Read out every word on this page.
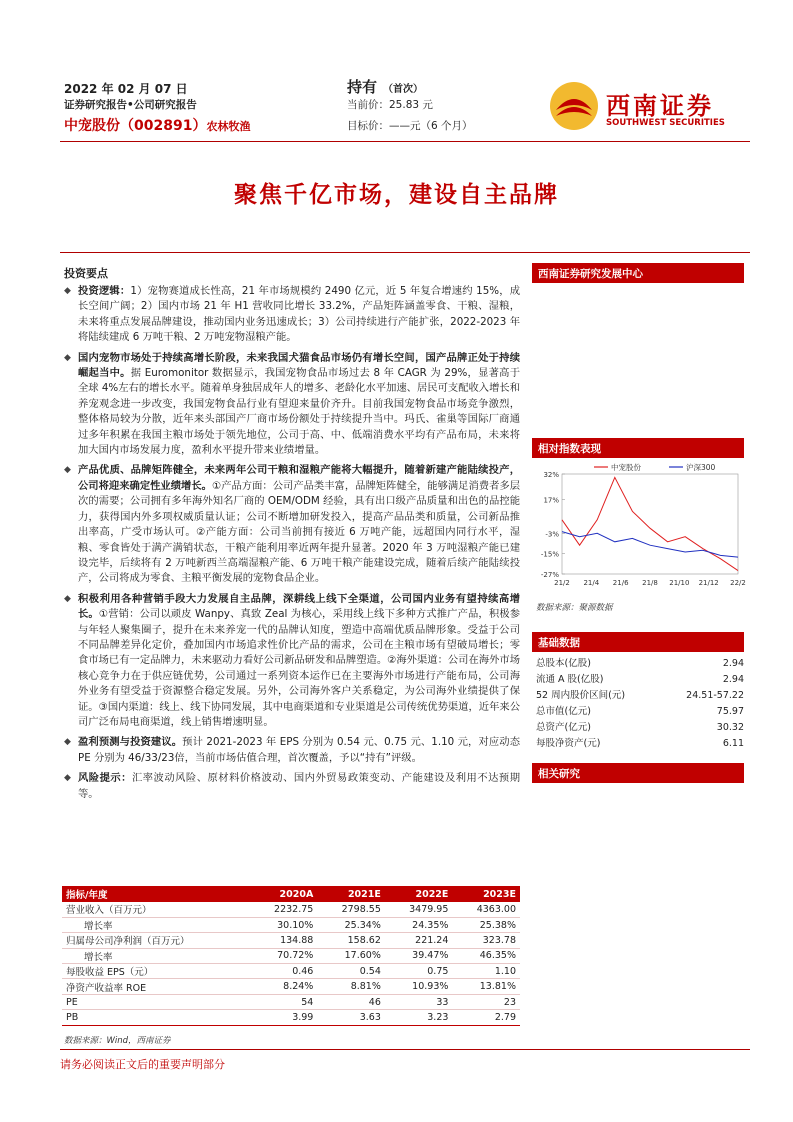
2022 年 02 月 07 日
证券研究报告•公司研究报告
中宠股份（002891）农林牧渔
持有 （首次）
当前价：25.83 元
目标价：——元（6 个月）
西南证券
SOUTHWEST SECURITIES
聚焦千亿市场，建设自主品牌
投资要点
◆ 投资逻辑：1）宠物赛道成长性高，21 年市场规模约 2490 亿元，近 5 年复合增速约 15%，成长空间广阔；2）国内市场 21 年 H1 营收同比增长 33.2%，产品矩阵涵盖零食、干粮、湿粮，未来将重点发展品牌建设，推动国内业务迅速成长；3）公司持续进行产能扩张，2022-2023 年将陆续建成 6 万吨干粮、2 万吨宠物湿粮产能。
◆ 国内宠物市场处于持续高增长阶段，未来我国犬猫食品市场仍有增长空间，国产品牌正处于持续崛起当中。据 Euromonitor 数据显示，我国宠物食品市场过去 8 年 CAGR 为 29%，显著高于全球 4%左右的增长水平。随着单身独居成年人的增多、老龄化水平加速、居民可支配收入增长和养宠观念进一步改变，我国宠物食品行业有望迎来量价齐升。目前我国宠物食品市场竞争激烈，整体格局较为分散，近年来头部国产厂商市场份额处于持续提升当中。玛氏、雀巢等国际厂商通过多年积累在我国主粮市场处于领先地位，公司于高、中、低端消费水平均有产品布局，未来将加大国内市场发展力度，盈利水平提升带来业绩增量。
◆ 产品优质、品牌矩阵健全，未来两年公司干粮和湿粮产能将大幅提升，随着新建产能陆续投产，公司将迎来确定性业绩增长。①产品方面：公司产品类丰富，品牌矩阵健全，能够满足消费者多层次的需要；公司拥有多年海外知名厂商的 OEM/ODM 经验，具有出口级产品质量和出色的品控能力，获得国内外多项权威质量认证；公司不断增加研发投入，提高产品品类和质量，公司新品推出率高，广受市场认可。②产能方面：公司当前拥有接近 6 万吨产能，远超国内同行水平，湿粮、零食皆处于满产满销状态，干粮产能利用率近两年提升显著。2020 年 3 万吨湿粮产能已建设完毕，后续将有 2 万吨新西兰高端湿粮产能、6 万吨干粮产能建设完成，随着后续产能陆续投产，公司将成为零食、主粮平衡发展的宠物食品企业。
◆ 积极利用各种营销手段大力发展自主品牌，深耕线上线下全渠道，公司国内业务有望持续高增长。①营销：公司以顽皮 Wanpy、真致 Zeal 为核心，采用线上线下多种方式推广产品，积极参与年轻人聚集圈子，提升在未来养宠一代的品牌认知度，塑造中高端优质品牌形象。受益于公司不同品牌差异化定价，叠加国内市场追求性价比产品的需求，公司在主粮市场有望破局增长；零食市场已有一定品牌力，未来驱动力看好公司新品研发和品牌塑造。②海外渠道：公司在海外市场核心竞争力在于供应链优势，公司通过一系列资本运作已在主要海外市场进行产能布局，公司海外业务有望受益于资源整合稳定发展。另外，公司海外客户关系稳定，为公司海外业绩提供了保证。③国内渠道：线上、线下协同发展，其中电商渠道和专业渠道是公司传统优势渠道，近年来公司广泛布局电商渠道，线上销售增速明显。
◆ 盈利预测与投资建议。预计 2021-2023 年 EPS 分别为 0.54 元、0.75 元、1.10 元，对应动态 PE 分别为 46/33/23倍，当前市场估值合理，首次覆盖，予以“持有”评级。
◆ 风险提示：汇率波动风险、原材料价格波动、国内外贸易政策变动、产能建设及利用不达预期等。
西南证券研究发展中心
相对指数表现
32%
17%
-3%
-15%
-27%
21/2 21/4 21/6 21/8 21/10 21/12 22/2
中宠股份	沪深300
数据来源：聚源数据
基础数据
总股本(亿股)	2.94
流通 A 股(亿股)	2.94
52 周内股价区间(元)	24.51-57.22
总市值(亿元)	75.97
总资产(亿元)	30.32
每股净资产(元)	6.11
相关研究
指标/年度	2020A	2021E	2022E	2023E
营业收入（百万元）	2232.75	2798.55	3479.95	4363.00
增长率	30.10%	25.34%	24.35%	25.38%
归属母公司净利润（百万元）	134.88	158.62	221.24	323.78
增长率	70.72%	17.60%	39.47%	46.35%
每股收益 EPS（元）	0.46	0.54	0.75	1.10
净资产收益率 ROE	8.24%	8.81%	10.93%	13.81%
PE	54	46	33	23
PB	3.99	3.63	3.23	2.79
数据来源：Wind，西南证券
请务必阅读正文后的重要声明部分
